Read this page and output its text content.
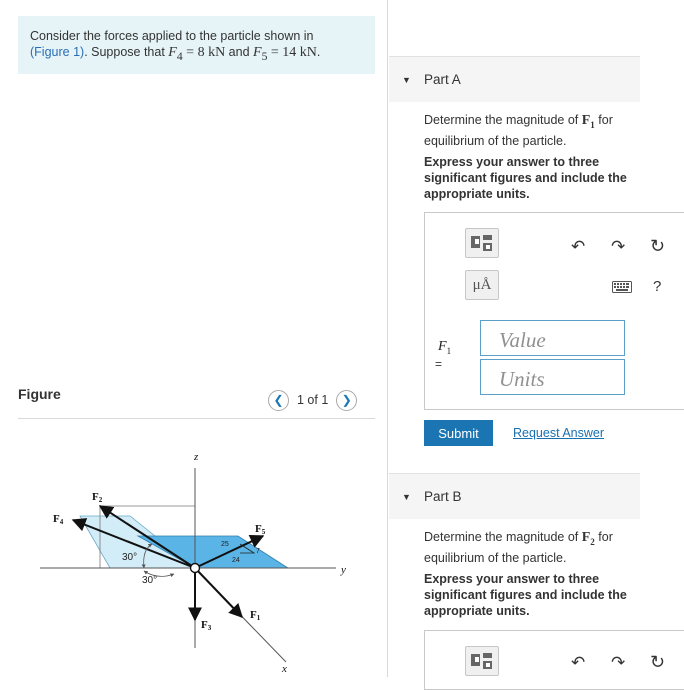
Consider the forces applied to the particle shown in
(Figure 1). Suppose that $F_4 = 8$ kN and $F_5 = 14$ kN.
Figure	❮	1 of 1	❯
z
y
x
F2
F4
F5
F3
F1
30°
30°
25
24
7
▼ Part A
Determine the magnitude of $F_1$ for equilibrium of the particle.
Express your answer to three significant figures and include the appropriate units.
μÅ
↶ ↷ ↻
?
$F_1$
=
Value
Units
Submit	Request Answer
▼ Part B
Determine the magnitude of $F_2$ for equilibrium of the particle.
Express your answer to three significant figures and include the appropriate units.
↶ ↷ ↻
